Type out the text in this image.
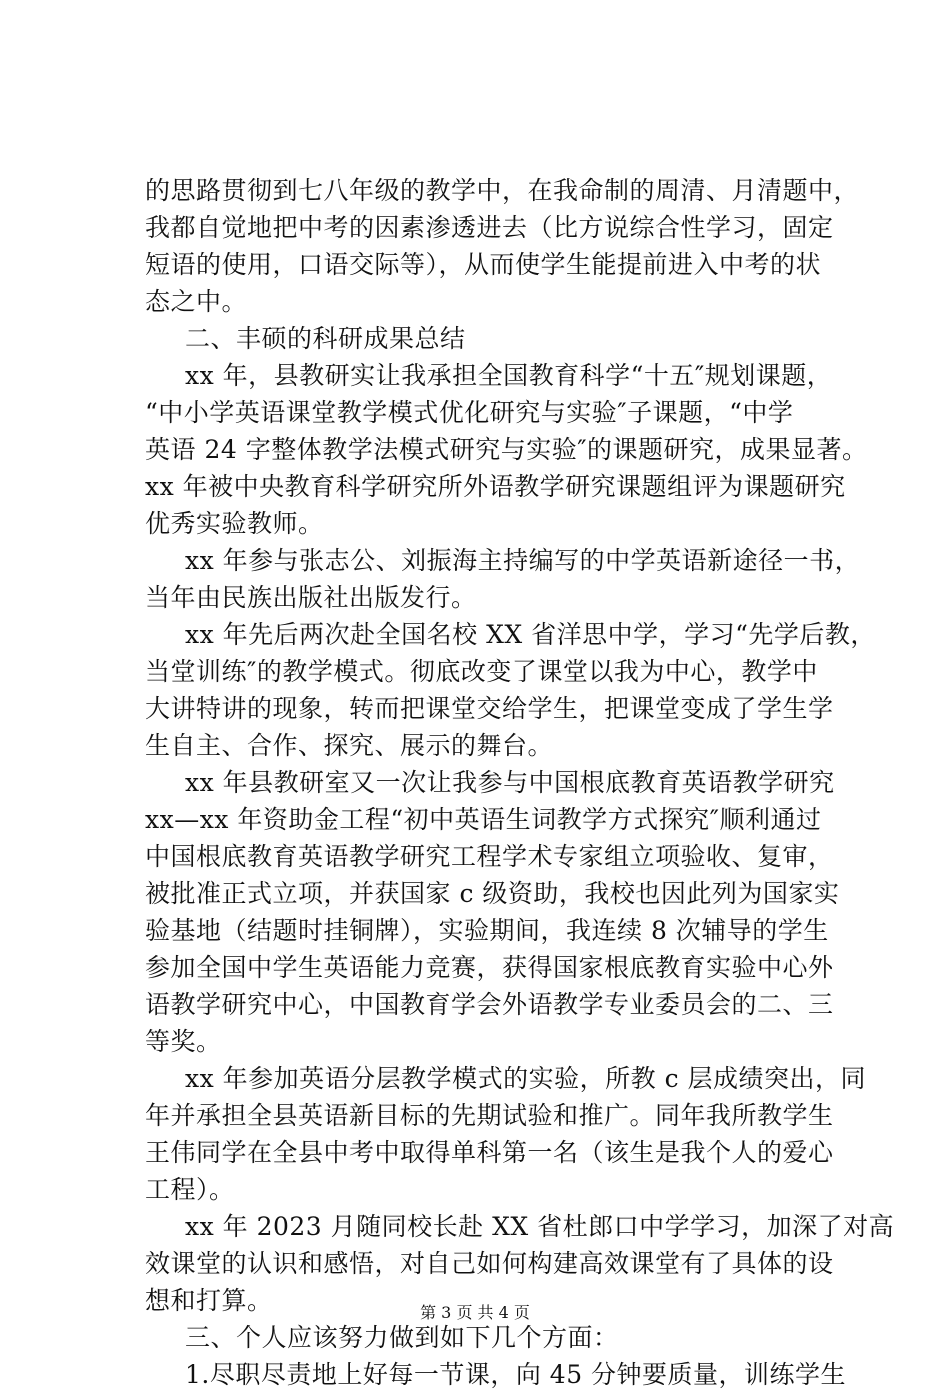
的思路贯彻到七八年级的教学中，在我命制的周清、月清题中，
我都自觉地把中考的因素渗透进去（比方说综合性学习，固定
短语的使用，口语交际等），从而使学生能提前进入中考的状
态之中。
二、丰硕的科研成果总结
xx 年，县教研实让我承担全国教育科学“十五″规划课题，
“中小学英语课堂教学模式优化研究与实验″子课题，“中学
英语 24 字整体教学法模式研究与实验″的课题研究，成果显著。
xx 年被中央教育科学研究所外语教学研究课题组评为课题研究
优秀实验教师。
xx 年参与张志公、刘振海主持编写的中学英语新途径一书，
当年由民族出版社出版发行。
xx 年先后两次赴全国名校 XX 省洋思中学，学习“先学后教，
当堂训练″的教学模式。彻底改变了课堂以我为中心，教学中
大讲特讲的现象，转而把课堂交给学生，把课堂变成了学生学
生自主、合作、探究、展示的舞台。
xx 年县教研室又一次让我参与中国根底教育英语教学研究
xx—xx 年资助金工程“初中英语生词教学方式探究″顺利通过
中国根底教育英语教学研究工程学术专家组立项验收、复审，
被批准正式立项，并获国家 c 级资助，我校也因此列为国家实
验基地（结题时挂铜牌），实验期间，我连续 8 次辅导的学生
参加全国中学生英语能力竞赛，获得国家根底教育实验中心外
语教学研究中心，中国教育学会外语教学专业委员会的二、三
等奖。
xx 年参加英语分层教学模式的实验，所教 c 层成绩突出，同
年并承担全县英语新目标的先期试验和推广。同年我所教学生
王伟同学在全县中考中取得单科第一名（该生是我个人的爱心
工程）。
xx 年 2023 月随同校长赴 XX 省杜郎口中学学习，加深了对高
效课堂的认识和感悟，对自己如何构建高效课堂有了具体的设
想和打算。
三、个人应该努力做到如下几个方面：
1.尽职尽责地上好每一节课，向 45 分钟要质量，训练学生
第 3 页 共 4 页
